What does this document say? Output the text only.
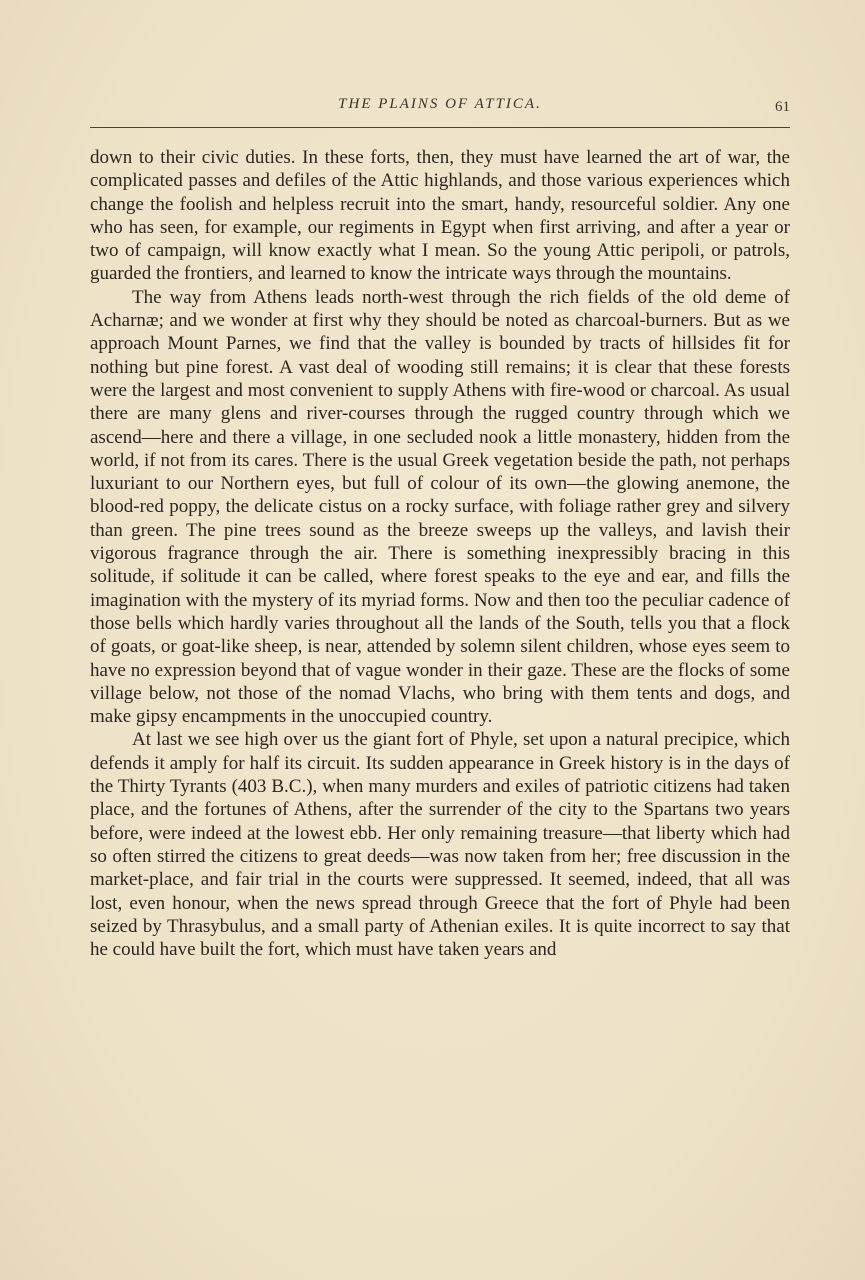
THE PLAINS OF ATTICA.	61

down to their civic duties. In these forts, then, they must have learned the art of war, the complicated passes and defiles of the Attic highlands, and those various experiences which change the foolish and helpless recruit into the smart, handy, resourceful soldier. Any one who has seen, for example, our regiments in Egypt when first arriving, and after a year or two of campaign, will know exactly what I mean. So the young Attic peripoli, or patrols, guarded the frontiers, and learned to know the intricate ways through the mountains.

The way from Athens leads north-west through the rich fields of the old deme of Acharnæ; and we wonder at first why they should be noted as charcoal-burners. But as we approach Mount Parnes, we find that the valley is bounded by tracts of hillsides fit for nothing but pine forest. A vast deal of wooding still remains; it is clear that these forests were the largest and most convenient to supply Athens with fire-wood or charcoal. As usual there are many glens and river-courses through the rugged country through which we ascend—here and there a village, in one secluded nook a little monastery, hidden from the world, if not from its cares. There is the usual Greek vegetation beside the path, not perhaps luxuriant to our Northern eyes, but full of colour of its own—the glowing anemone, the blood-red poppy, the delicate cistus on a rocky surface, with foliage rather grey and silvery than green. The pine trees sound as the breeze sweeps up the valleys, and lavish their vigorous fragrance through the air. There is something inexpressibly bracing in this solitude, if solitude it can be called, where forest speaks to the eye and ear, and fills the imagination with the mystery of its myriad forms. Now and then too the peculiar cadence of those bells which hardly varies throughout all the lands of the South, tells you that a flock of goats, or goat-like sheep, is near, attended by solemn silent children, whose eyes seem to have no expression beyond that of vague wonder in their gaze. These are the flocks of some village below, not those of the nomad Vlachs, who bring with them tents and dogs, and make gipsy encampments in the unoccupied country.

At last we see high over us the giant fort of Phyle, set upon a natural precipice, which defends it amply for half its circuit. Its sudden appearance in Greek history is in the days of the Thirty Tyrants (403 B.C.), when many murders and exiles of patriotic citizens had taken place, and the fortunes of Athens, after the surrender of the city to the Spartans two years before, were indeed at the lowest ebb. Her only remaining treasure—that liberty which had so often stirred the citizens to great deeds—was now taken from her; free discussion in the market-place, and fair trial in the courts were suppressed. It seemed, indeed, that all was lost, even honour, when the news spread through Greece that the fort of Phyle had been seized by Thrasybulus, and a small party of Athenian exiles. It is quite incorrect to say that he could have built the fort, which must have taken years and
